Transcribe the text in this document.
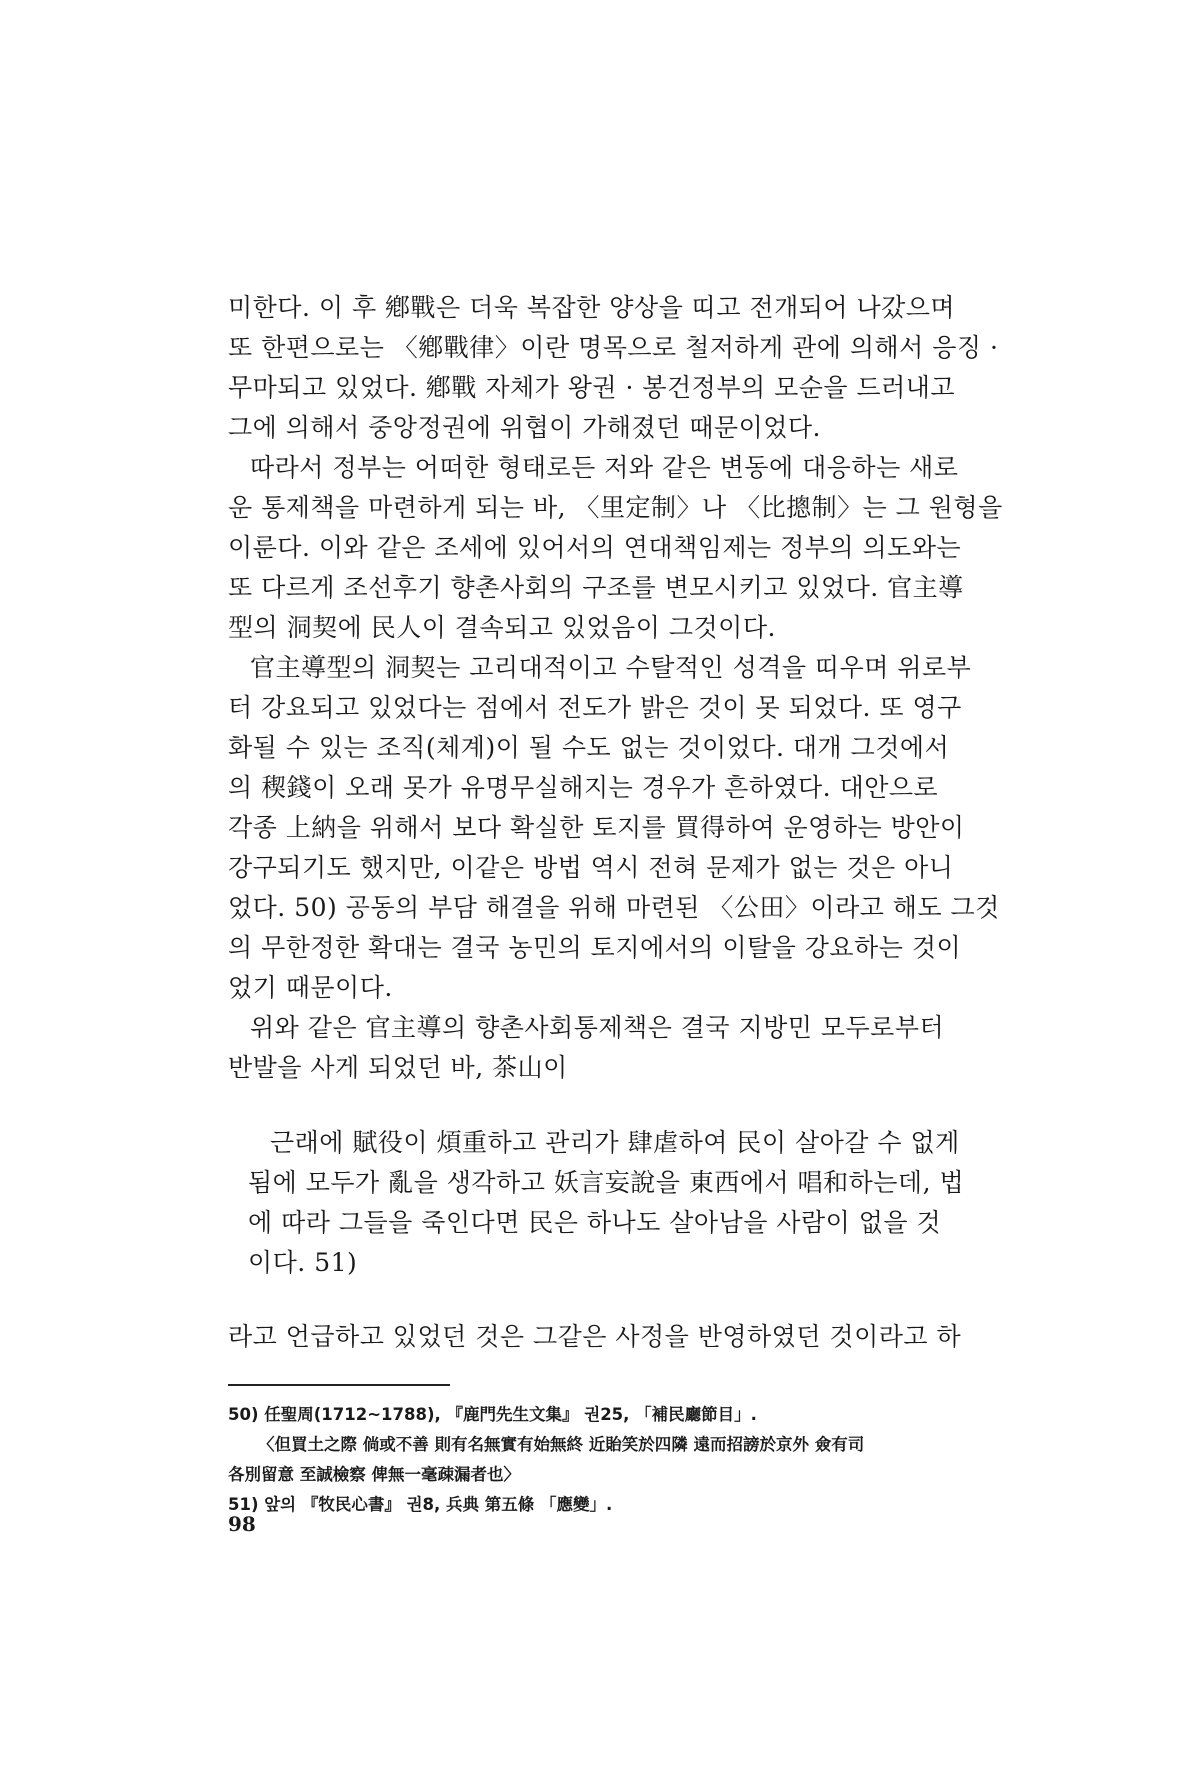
미한다. 이 후 鄕戰은 더욱 복잡한 양상을 띠고 전개되어 나갔으며
또 한편으로는 〈鄕戰律〉이란 명목으로 철저하게 관에 의해서 응징 ·
무마되고 있었다. 鄕戰 자체가 왕권 · 봉건정부의 모순을 드러내고
그에 의해서 중앙정권에 위협이 가해졌던 때문이었다.
따라서 정부는 어떠한 형태로든 저와 같은 변동에 대응하는 새로
운 통제책을 마련하게 되는 바, 〈里定制〉나 〈比摠制〉는 그 원형을
이룬다. 이와 같은 조세에 있어서의 연대책임제는 정부의 의도와는
또 다르게 조선후기 향촌사회의 구조를 변모시키고 있었다. 官主導
型의 洞契에 民人이 결속되고 있었음이 그것이다.
官主導型의 洞契는 고리대적이고 수탈적인 성격을 띠우며 위로부
터 강요되고 있었다는 점에서 전도가 밝은 것이 못 되었다. 또 영구
화될 수 있는 조직(체계)이 될 수도 없는 것이었다. 대개 그것에서
의 稧錢이 오래 못가 유명무실해지는 경우가 흔하였다. 대안으로
각종 上納을 위해서 보다 확실한 토지를 買得하여 운영하는 방안이
강구되기도 했지만, 이같은 방법 역시 전혀 문제가 없는 것은 아니
었다. 50) 공동의 부담 해결을 위해 마련된 〈公田〉이라고 해도 그것
의 무한정한 확대는 결국 농민의 토지에서의 이탈을 강요하는 것이
었기 때문이다.
위와 같은 官主導의 향촌사회통제책은 결국 지방민 모두로부터
반발을 사게 되었던 바, 茶山이
근래에 賦役이 煩重하고 관리가 肆虐하여 民이 살아갈 수 없게
됨에 모두가 亂을 생각하고 妖言妄說을 東西에서 唱和하는데, 법
에 따라 그들을 죽인다면 民은 하나도 살아남을 사람이 없을 것
이다. 51)
라고 언급하고 있었던 것은 그같은 사정을 반영하였던 것이라고 하
50) 任聖周(1712~1788), 『鹿門先生文集』 권25, 「補民廳節目」.
〈但買土之際 倘或不善 則有名無實有始無終 近貽笑於四隣 遠而招謗於京外 僉有司
各別留意 至誠檢察 俾無一毫疎漏者也〉
51) 앞의 『牧民心書』 권8, 兵典 第五條 「應變」.
98
